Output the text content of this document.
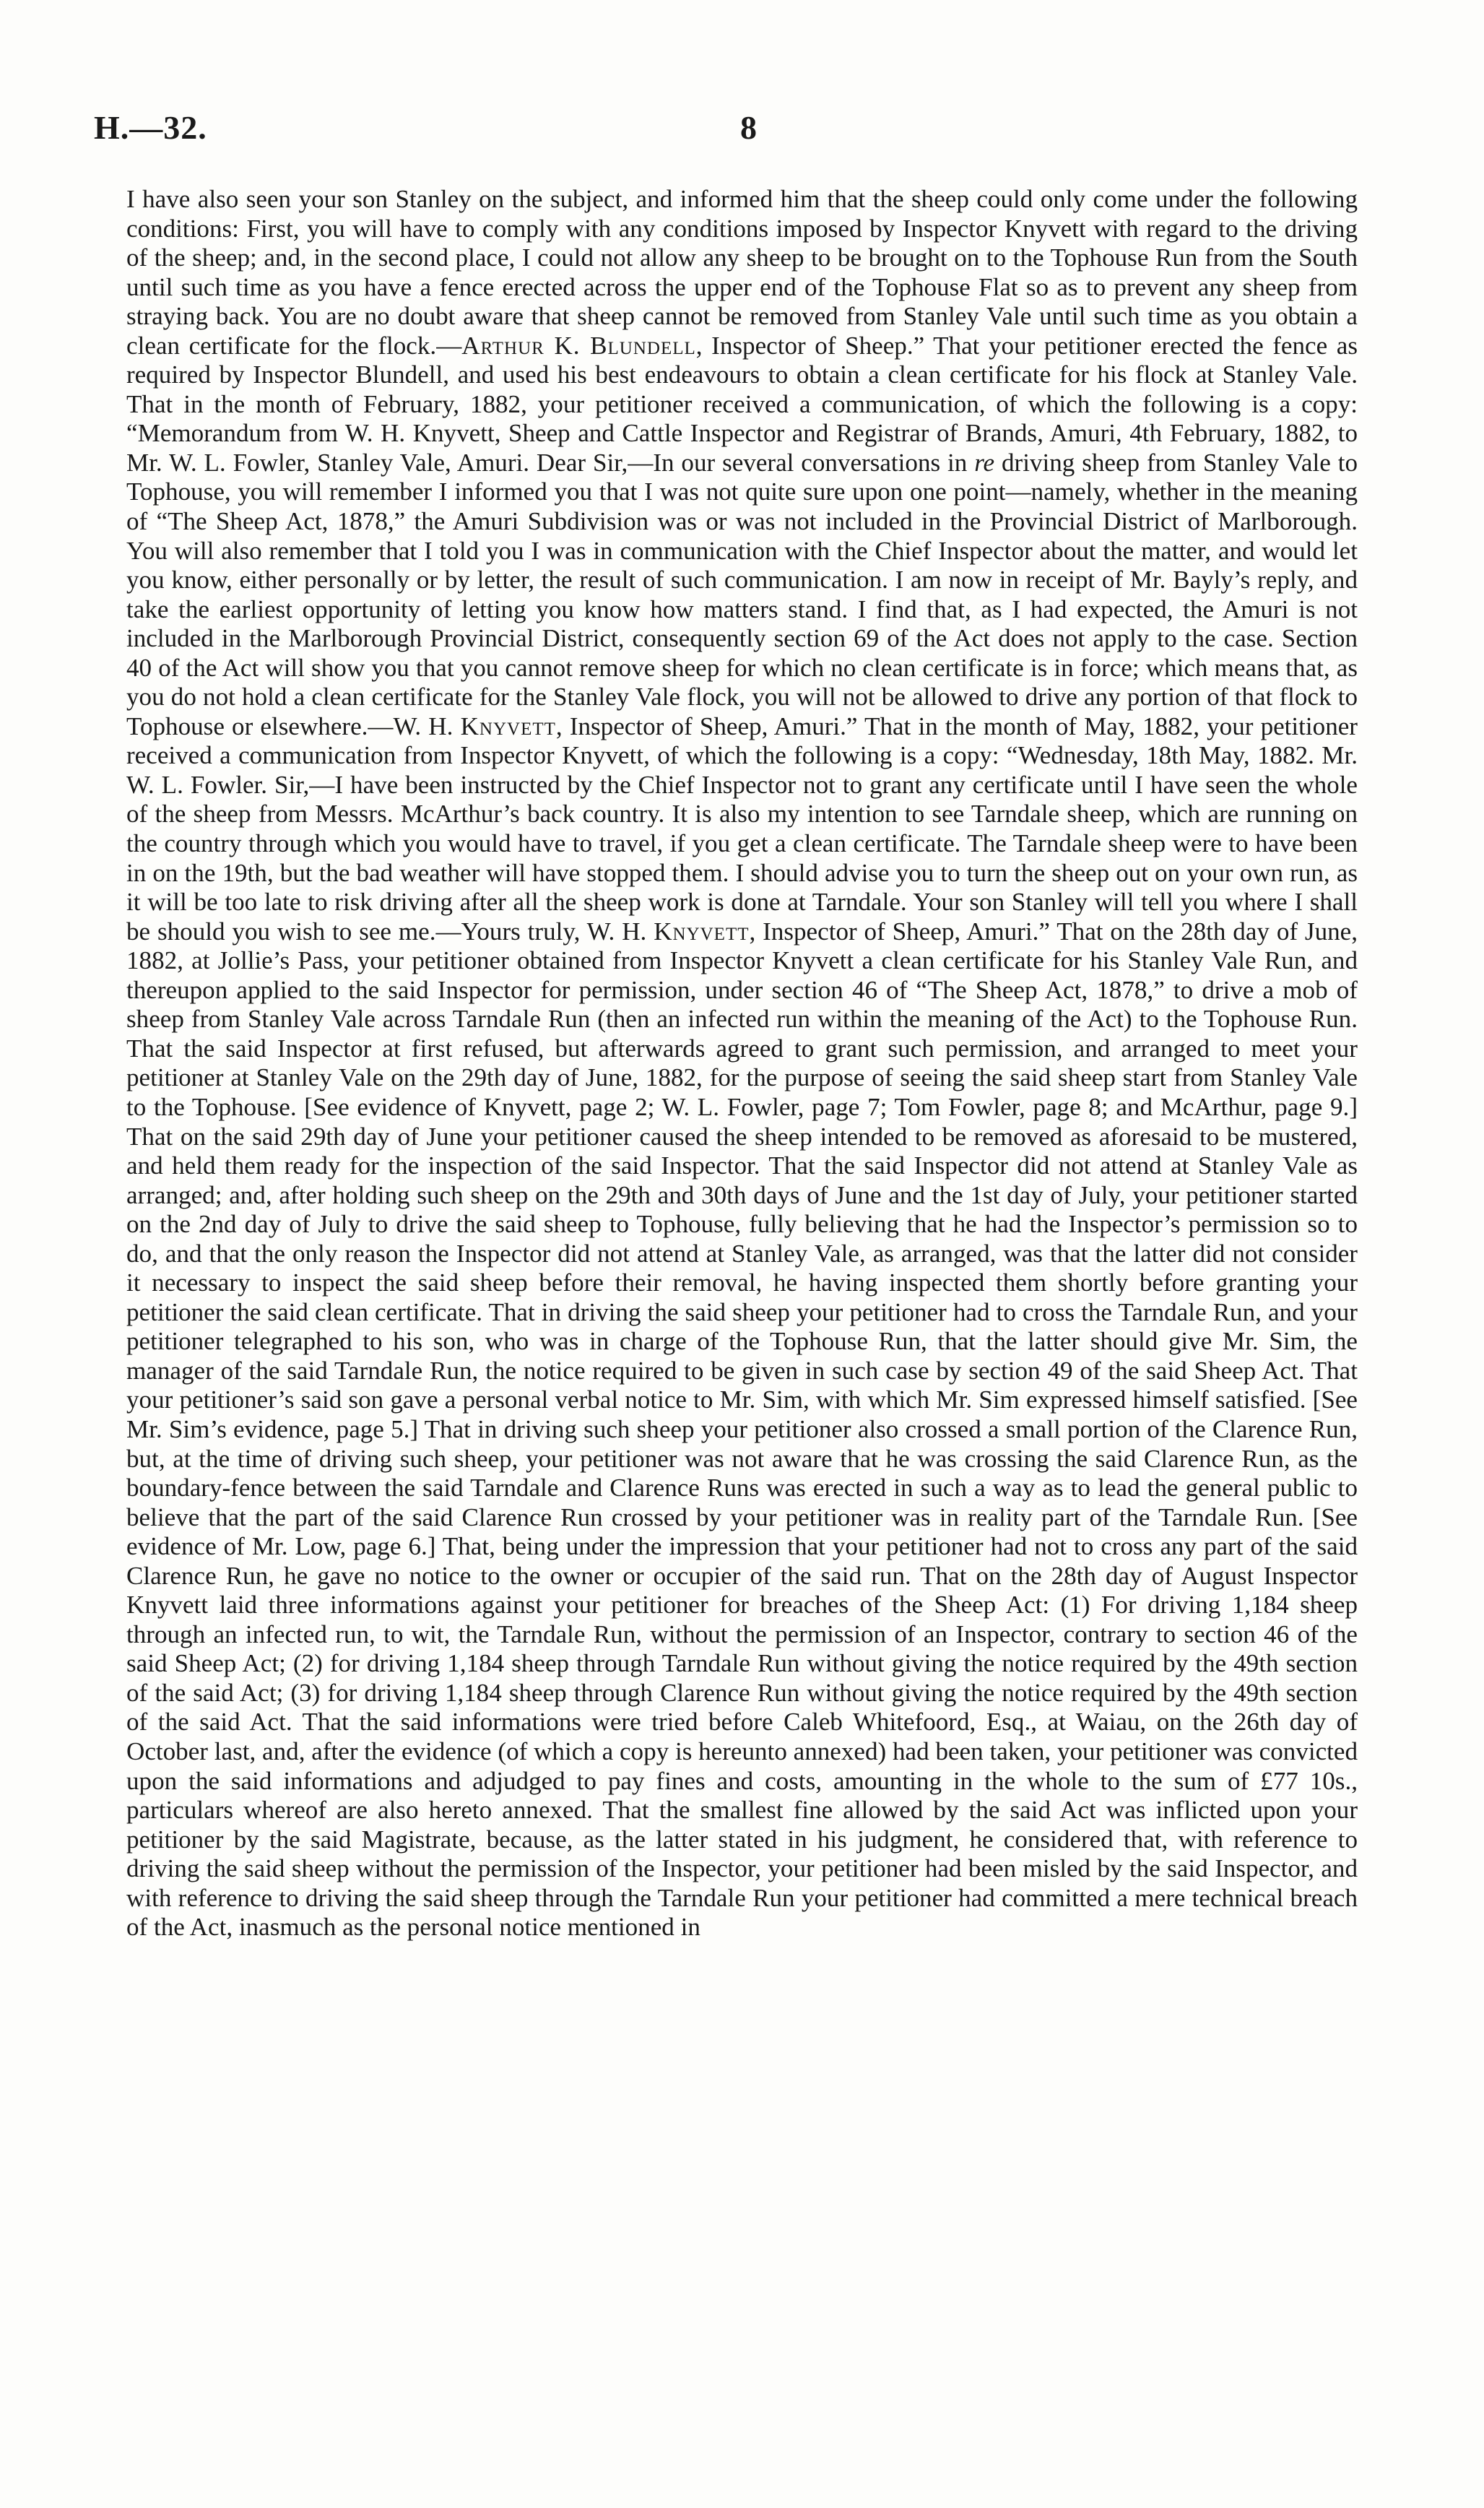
H.—32.	8
I have also seen your son Stanley on the subject, and informed him that the sheep could only come under the following conditions: First, you will have to comply with any conditions imposed by Inspector Knyvett with regard to the driving of the sheep; and, in the second place, I could not allow any sheep to be brought on to the Tophouse Run from the South until such time as you have a fence erected across the upper end of the Tophouse Flat so as to prevent any sheep from straying back. You are no doubt aware that sheep cannot be removed from Stanley Vale until such time as you obtain a clean certificate for the flock.—Arthur K. Blundell, Inspector of Sheep.” That your petitioner erected the fence as required by Inspector Blundell, and used his best endeavours to obtain a clean certificate for his flock at Stanley Vale. That in the month of February, 1882, your petitioner received a communication, of which the following is a copy: “Memorandum from W. H. Knyvett, Sheep and Cattle Inspector and Registrar of Brands, Amuri, 4th February, 1882, to Mr. W. L. Fowler, Stanley Vale, Amuri. Dear Sir,—In our several conversations in re driving sheep from Stanley Vale to Tophouse, you will remember I informed you that I was not quite sure upon one point—namely, whether in the meaning of “The Sheep Act, 1878,” the Amuri Subdivision was or was not included in the Provincial District of Marlborough. You will also remember that I told you I was in communication with the Chief Inspector about the matter, and would let you know, either personally or by letter, the result of such communication. I am now in receipt of Mr. Bayly’s reply, and take the earliest opportunity of letting you know how matters stand. I find that, as I had expected, the Amuri is not included in the Marlborough Provincial District, consequently section 69 of the Act does not apply to the case. Section 40 of the Act will show you that you cannot remove sheep for which no clean certificate is in force; which means that, as you do not hold a clean certificate for the Stanley Vale flock, you will not be allowed to drive any portion of that flock to Tophouse or elsewhere.—W. H. Knyvett, Inspector of Sheep, Amuri.” That in the month of May, 1882, your petitioner received a communication from Inspector Knyvett, of which the following is a copy: “Wednesday, 18th May, 1882. Mr. W. L. Fowler. Sir,—I have been instructed by the Chief Inspector not to grant any certificate until I have seen the whole of the sheep from Messrs. McArthur’s back country. It is also my intention to see Tarndale sheep, which are running on the country through which you would have to travel, if you get a clean certificate. The Tarndale sheep were to have been in on the 19th, but the bad weather will have stopped them. I should advise you to turn the sheep out on your own run, as it will be too late to risk driving after all the sheep work is done at Tarndale. Your son Stanley will tell you where I shall be should you wish to see me.—Yours truly, W. H. Knyvett, Inspector of Sheep, Amuri.” That on the 28th day of June, 1882, at Jollie’s Pass, your petitioner obtained from Inspector Knyvett a clean certificate for his Stanley Vale Run, and thereupon applied to the said Inspector for permission, under section 46 of “The Sheep Act, 1878,” to drive a mob of sheep from Stanley Vale across Tarndale Run (then an infected run within the meaning of the Act) to the Tophouse Run. That the said Inspector at first refused, but afterwards agreed to grant such permission, and arranged to meet your petitioner at Stanley Vale on the 29th day of June, 1882, for the purpose of seeing the said sheep start from Stanley Vale to the Tophouse. [See evidence of Knyvett, page 2; W. L. Fowler, page 7; Tom Fowler, page 8; and McArthur, page 9.] That on the said 29th day of June your petitioner caused the sheep intended to be removed as aforesaid to be mustered, and held them ready for the inspection of the said Inspector. That the said Inspector did not attend at Stanley Vale as arranged; and, after holding such sheep on the 29th and 30th days of June and the 1st day of July, your petitioner started on the 2nd day of July to drive the said sheep to Tophouse, fully believing that he had the Inspector’s permission so to do, and that the only reason the Inspector did not attend at Stanley Vale, as arranged, was that the latter did not consider it necessary to inspect the said sheep before their removal, he having inspected them shortly before granting your petitioner the said clean certificate. That in driving the said sheep your petitioner had to cross the Tarndale Run, and your petitioner telegraphed to his son, who was in charge of the Tophouse Run, that the latter should give Mr. Sim, the manager of the said Tarndale Run, the notice required to be given in such case by section 49 of the said Sheep Act. That your petitioner’s said son gave a personal verbal notice to Mr. Sim, with which Mr. Sim expressed himself satisfied. [See Mr. Sim’s evidence, page 5.] That in driving such sheep your petitioner also crossed a small portion of the Clarence Run, but, at the time of driving such sheep, your petitioner was not aware that he was crossing the said Clarence Run, as the boundary-fence between the said Tarndale and Clarence Runs was erected in such a way as to lead the general public to believe that the part of the said Clarence Run crossed by your petitioner was in reality part of the Tarndale Run. [See evidence of Mr. Low, page 6.] That, being under the impression that your petitioner had not to cross any part of the said Clarence Run, he gave no notice to the owner or occupier of the said run. That on the 28th day of August Inspector Knyvett laid three informations against your petitioner for breaches of the Sheep Act: (1) For driving 1,184 sheep through an infected run, to wit, the Tarndale Run, without the permission of an Inspector, contrary to section 46 of the said Sheep Act; (2) for driving 1,184 sheep through Tarndale Run without giving the notice required by the 49th section of the said Act; (3) for driving 1,184 sheep through Clarence Run without giving the notice required by the 49th section of the said Act. That the said informations were tried before Caleb Whitefoord, Esq., at Waiau, on the 26th day of October last, and, after the evidence (of which a copy is hereunto annexed) had been taken, your petitioner was convicted upon the said informations and adjudged to pay fines and costs, amounting in the whole to the sum of £77 10s., particulars whereof are also hereto annexed. That the smallest fine allowed by the said Act was inflicted upon your petitioner by the said Magistrate, because, as the latter stated in his judgment, he considered that, with reference to driving the said sheep without the permission of the Inspector, your petitioner had been misled by the said Inspector, and with reference to driving the said sheep through the Tarndale Run your petitioner had committed a mere technical breach of the Act, inasmuch as the personal notice mentioned in
